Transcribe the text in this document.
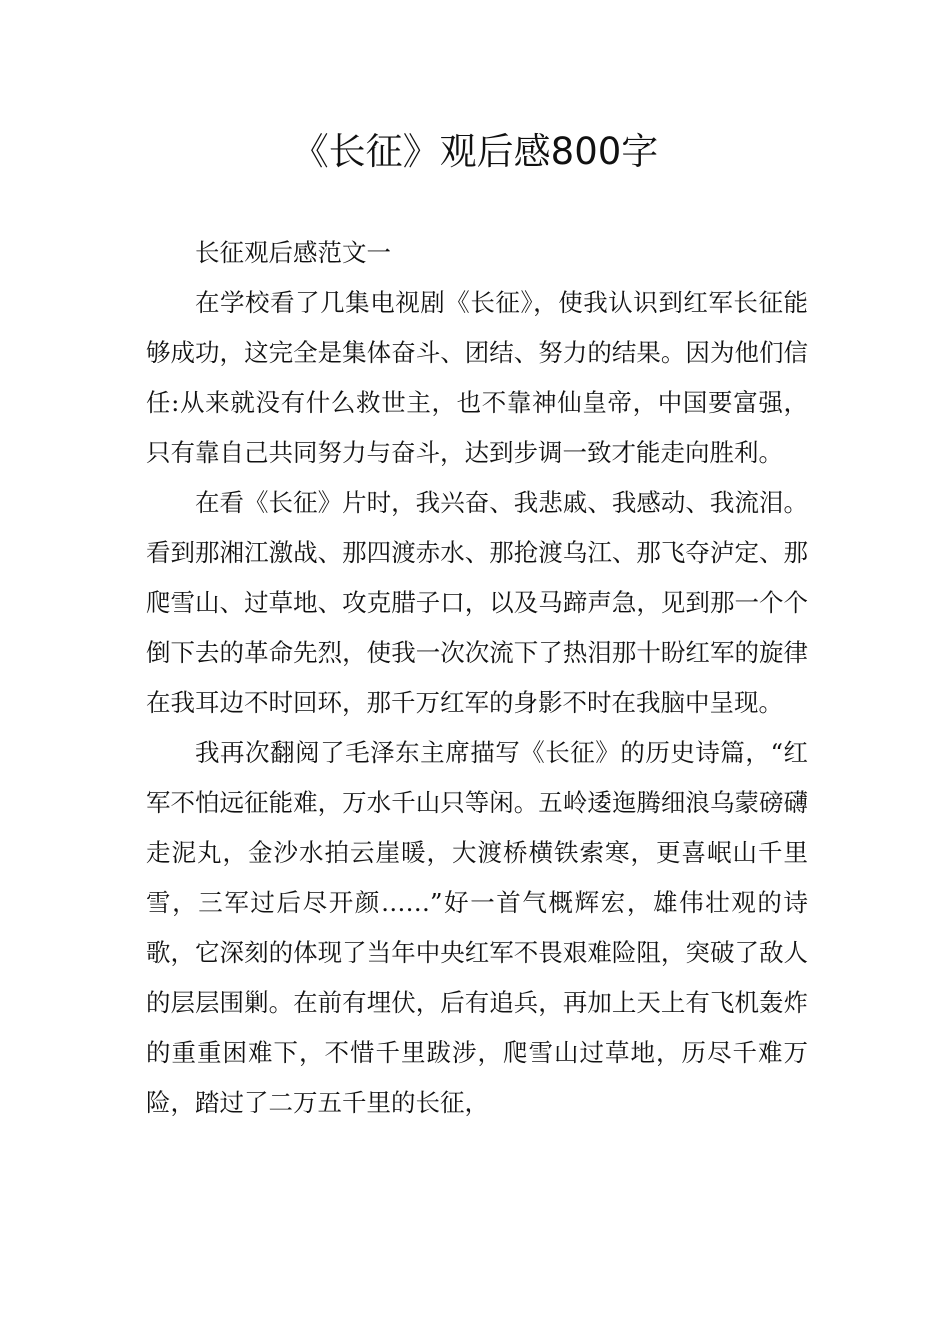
《长征》观后感800字

长征观后感范文一

在学校看了几集电视剧《长征》，使我认识到红军长征能够成功，这完全是集体奋斗、团结、努力的结果。因为他们信任:从来就没有什么救世主，也不靠神仙皇帝，中国要富强，只有靠自己共同努力与奋斗，达到步调一致才能走向胜利。

在看《长征》片时，我兴奋、我悲戚、我感动、我流泪。看到那湘江激战、那四渡赤水、那抢渡乌江、那飞夺泸定、那爬雪山、过草地、攻克腊子口，以及马蹄声急，见到那一个个倒下去的革命先烈，使我一次次流下了热泪那十盼红军的旋律在我耳边不时回环，那千万红军的身影不时在我脑中呈现。

我再次翻阅了毛泽东主席描写《长征》的历史诗篇，“红军不怕远征能难，万水千山只等闲。五岭逶迤腾细浪乌蒙磅礴走泥丸，金沙水拍云崖暖，大渡桥横铁索寒，更喜岷山千里雪，三军过后尽开颜……”好一首气概辉宏，雄伟壮观的诗歌，它深刻的体现了当年中央红军不畏艰难险阻，突破了敌人的层层围剿。在前有埋伏，后有追兵，再加上天上有飞机轰炸的重重困难下，不惜千里跋涉，爬雪山过草地，历尽千难万险，踏过了二万五千里的长征，
